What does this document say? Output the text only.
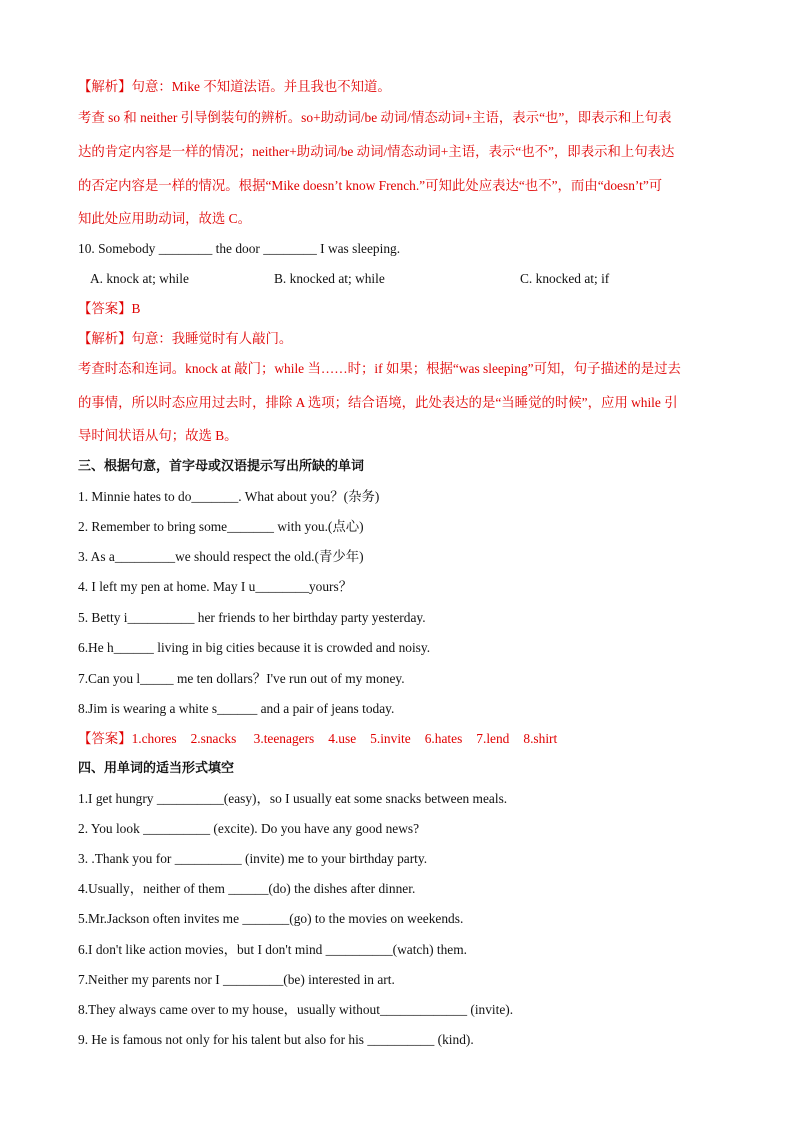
【解析】句意：Mike 不知道法语。并且我也不知道。
考查 so 和 neither 引导倒装句的辨析。so+助动词/be 动词/情态动词+主语，表示“也”，即表示和上句表
达的肯定内容是一样的情况；neither+助动词/be 动词/情态动词+主语，表示“也不”，即表示和上句表达
的否定内容是一样的情况。根据“Mike doesn’t know French.”可知此处应表达“也不”，而由“doesn’t”可
知此处应用助动词，故选 C。
10. Somebody ________ the door ________ I was sleeping.
A. knock at; while	B. knocked at; while	C. knocked at; if
【答案】B
【解析】句意：我睡觉时有人敲门。
考查时态和连词。knock at 敲门；while 当……时；if 如果；根据“was sleeping”可知，句子描述的是过去
的事情，所以时态应用过去时，排除 A 选项；结合语境，此处表达的是“当睡觉的时候”，应用 while 引
导时间状语从句；故选 B。
三、根据句意，首字母或汉语提示写出所缺的单词
1. Minnie hates to do_______. What about you？(杂务)
2. Remember to bring some_______ with you.(点心)
3. As a_________we should respect the old.(青少年)
4. I left my pen at home. May I u________yours？
5. Betty i__________ her friends to her birthday party yesterday.
6.He h______ living in big cities because it is crowded and noisy.
7.Can you l_____ me ten dollars？I've run out of my money.
8.Jim is wearing a white s______ and a pair of jeans today.
【答案】1.chores 2.snacks 3.teenagers 4.use 5.invite 6.hates 7.lend 8.shirt
四、用单词的适当形式填空
1.I get hungry __________(easy)，so I usually eat some snacks between meals.
2. You look __________ (excite). Do you have any good news?
3. .Thank you for __________ (invite) me to your birthday party.
4.Usually，neither of them ______(do) the dishes after dinner.
5.Mr.Jackson often invites me _______(go) to the movies on weekends.
6.I don't like action movies，but I don't mind __________(watch) them.
7.Neither my parents nor I _________(be) interested in art.
8.They always came over to my house，usually without_____________ (invite).
9. He is famous not only for his talent but also for his __________ (kind).
